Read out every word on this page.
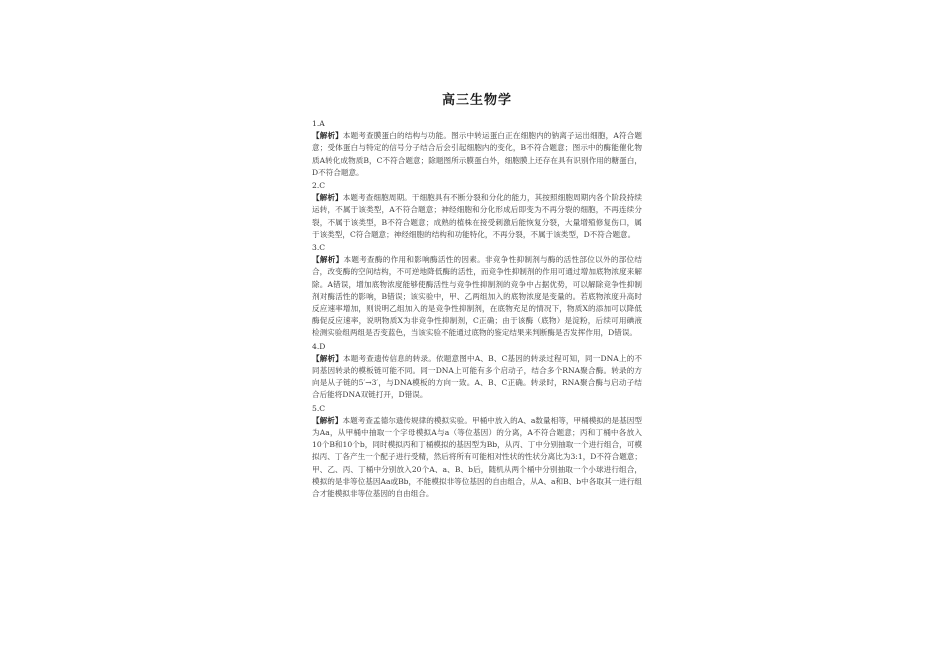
高三生物学
1.A
【解析】本题考查膜蛋白的结构与功能。图示中转运蛋白正在细胞内的钠离子运出细胞，A符合题意；受体蛋白与特定的信号分子结合后会引起细胞内的变化，B不符合题意；图示中的酶能催化物质A转化成物质B，C不符合题意；除题图所示膜蛋白外，细胞膜上还存在具有识别作用的糖蛋白，D不符合题意。
2.C
【解析】本题考查细胞周期。干细胞具有不断分裂和分化的能力，其按照细胞周期内各个阶段持续运转，不属于该类型，A不符合题意；神经细胞和分化形成后即变为不再分裂的细胞，不再连续分裂，不属于该类型，B不符合题意；成熟的植株在接受刺激后能恢复分裂，大量增殖修复伤口，属于该类型，C符合题意；神经细胞的结构和功能特化，不再分裂，不属于该类型，D不符合题意。
3.C
【解析】本题考查酶的作用和影响酶活性的因素。非竞争性抑制剂与酶的活性部位以外的部位结合，改变酶的空间结构，不可逆地降低酶的活性，而竞争性抑制剂的作用可通过增加底物浓度来解除。A错误，增加底物浓度能够使酶活性与竞争性抑制剂的竞争中占据优势，可以解除竞争性抑制剂对酶活性的影响，B错误；该实验中，甲、乙两组加入的底物浓度是变量的。若底物浓度升高时反应速率增加，则说明乙组加入的是竞争性抑制剂，在底物充足的情况下，物质X的添加可以降低酶促反应速率，说明物质X为非竞争性抑制剂，C正确；由于该酶（底物）是淀粉，后续可用碘液检测实验组两组是否变蓝色，当该实验不能通过底物的鉴定结果来判断酶是否发挥作用，D错误。
4.D
【解析】本题考查遗传信息的转录。依题意图中A、B、C基因的转录过程可知，同一DNA上的不同基因转录的模板链可能不同。同一DNA上可能有多个启动子，结合多个RNA聚合酶。转录的方向是从子链的5′→3′，与DNA模板的方向一致。A、B、C正确。转录时，RNA聚合酶与启动子结合后能将DNA双链打开，D错误。
5.C
【解析】本题考查孟德尔遗传规律的模拟实验。甲桶中放入的A、a数量相等，甲桶模拟的是基因型为Aa，从甲桶中抽取一个字母模拟A与a（等位基因）的分离，A不符合题意；丙和丁桶中各放入10个B和10个b，同时模拟丙和丁桶模拟的基因型为Bb，从丙、丁中分别抽取一个进行组合，可模拟丙、丁各产生一个配子进行受精，然后将所有可能相对性状的性状分离比为3:1，D不符合题意；甲、乙、丙、丁桶中分别放入20个A、a、B、b后，随机从两个桶中分别抽取一个小球进行组合，模拟的是非等位基因Aa或Bb，不能模拟非等位基因的自由组合，从A、a和B、b中各取其一进行组合才能模拟非等位基因的自由组合。
